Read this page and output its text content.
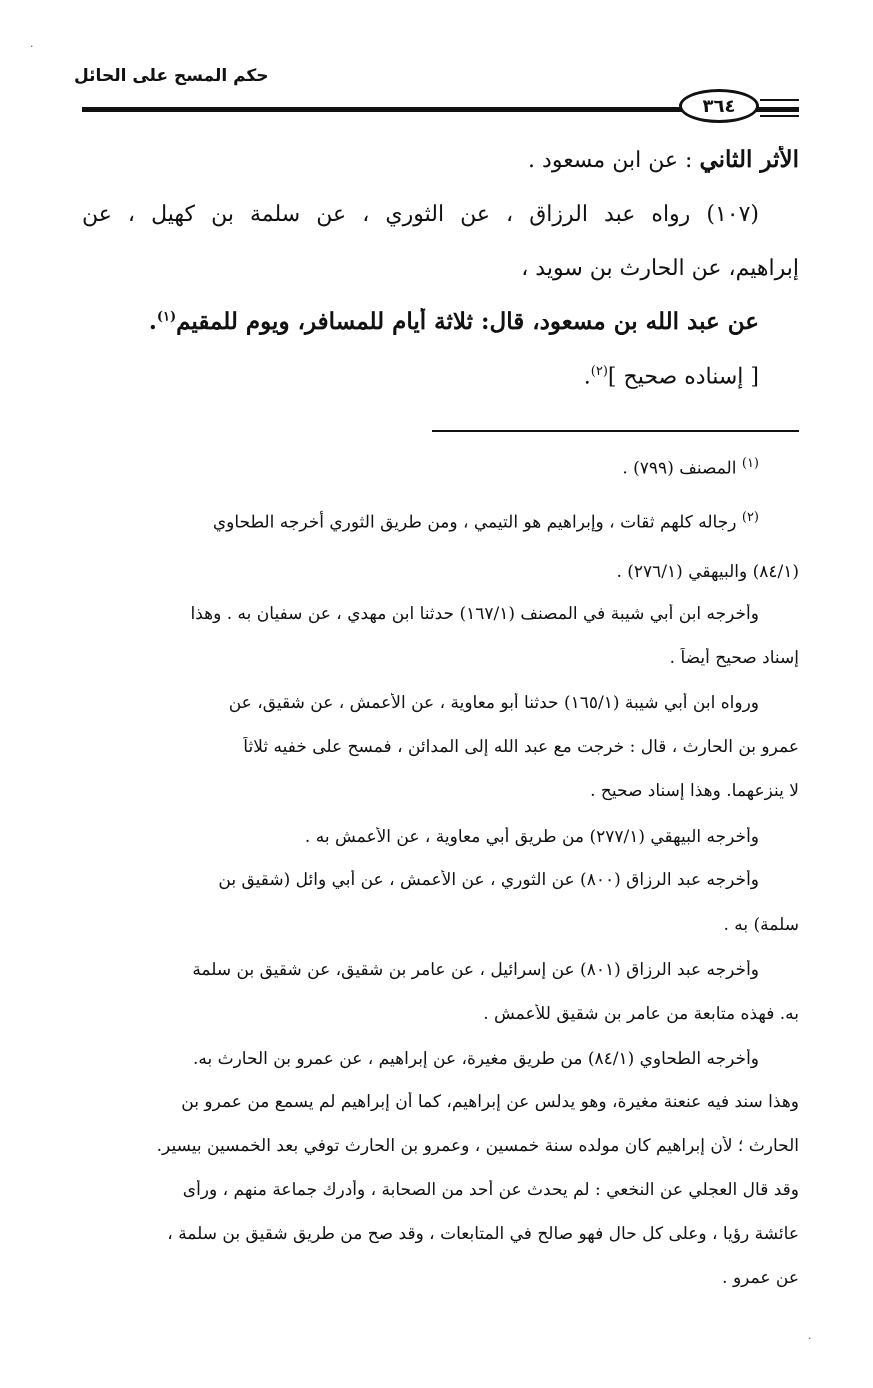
حكم المسح على الحائل
٣٦٤
الأثر الثاني : عن ابن مسعود .
(١٠٧) رواه عبد الرزاق ، عن الثوري ، عن سلمة بن كهيل ، عن
إبراهيم، عن الحارث بن سويد ،
عن عبد الله بن مسعود، قال: ثلاثة أيام للمسافر، ويوم للمقيم$^{(١)}$.
[ إسناده صحيح ]$^{(٢)}$.
$^{(١)}$ المصنف (٧٩٩) .
$^{(٢)}$ رجاله كلهم ثقات ، وإبراهيم هو التيمي ، ومن طريق الثوري أخرجه الطحاوي
(٨٤/١) والبيهقي (٢٧٦/١) .
وأخرجه ابن أبي شيبة في المصنف (١٦٧/١) حدثنا ابن مهدي ، عن سفيان به . وهذا
إسناد صحيح أيضاً .
ورواه ابن أبي شيبة (١٦٥/١) حدثنا أبو معاوية ، عن الأعمش ، عن شقيق، عن
عمرو بن الحارث ، قال : خرجت مع عبد الله إلى المدائن ، فمسح على خفيه ثلاثاً
لا ينزعهما. وهذا إسناد صحيح .
وأخرجه البيهقي (٢٧٧/١) من طريق أبي معاوية ، عن الأعمش به .
وأخرجه عبد الرزاق (٨٠٠) عن الثوري ، عن الأعمش ، عن أبي وائل (شقيق بن
سلمة) به .
وأخرجه عبد الرزاق (٨٠١) عن إسرائيل ، عن عامر بن شقيق، عن شقيق بن سلمة
به. فهذه متابعة من عامر بن شقيق للأعمش .
وأخرجه الطحاوي (٨٤/١) من طريق مغيرة، عن إبراهيم ، عن عمرو بن الحارث به.
وهذا سند فيه عنعنة مغيرة، وهو يدلس عن إبراهيم، كما أن إبراهيم لم يسمع من عمرو بن
الحارث ؛ لأن إبراهيم كان مولده سنة خمسين ، وعمرو بن الحارث توفي بعد الخمسين بيسير.
وقد قال العجلي عن النخعي : لم يحدث عن أحد من الصحابة ، وأدرك جماعة منهم ، ورأى
عائشة رؤيا ، وعلى كل حال فهو صالح في المتابعات ، وقد صح من طريق شقيق بن سلمة ،
عن عمرو .
·
·
